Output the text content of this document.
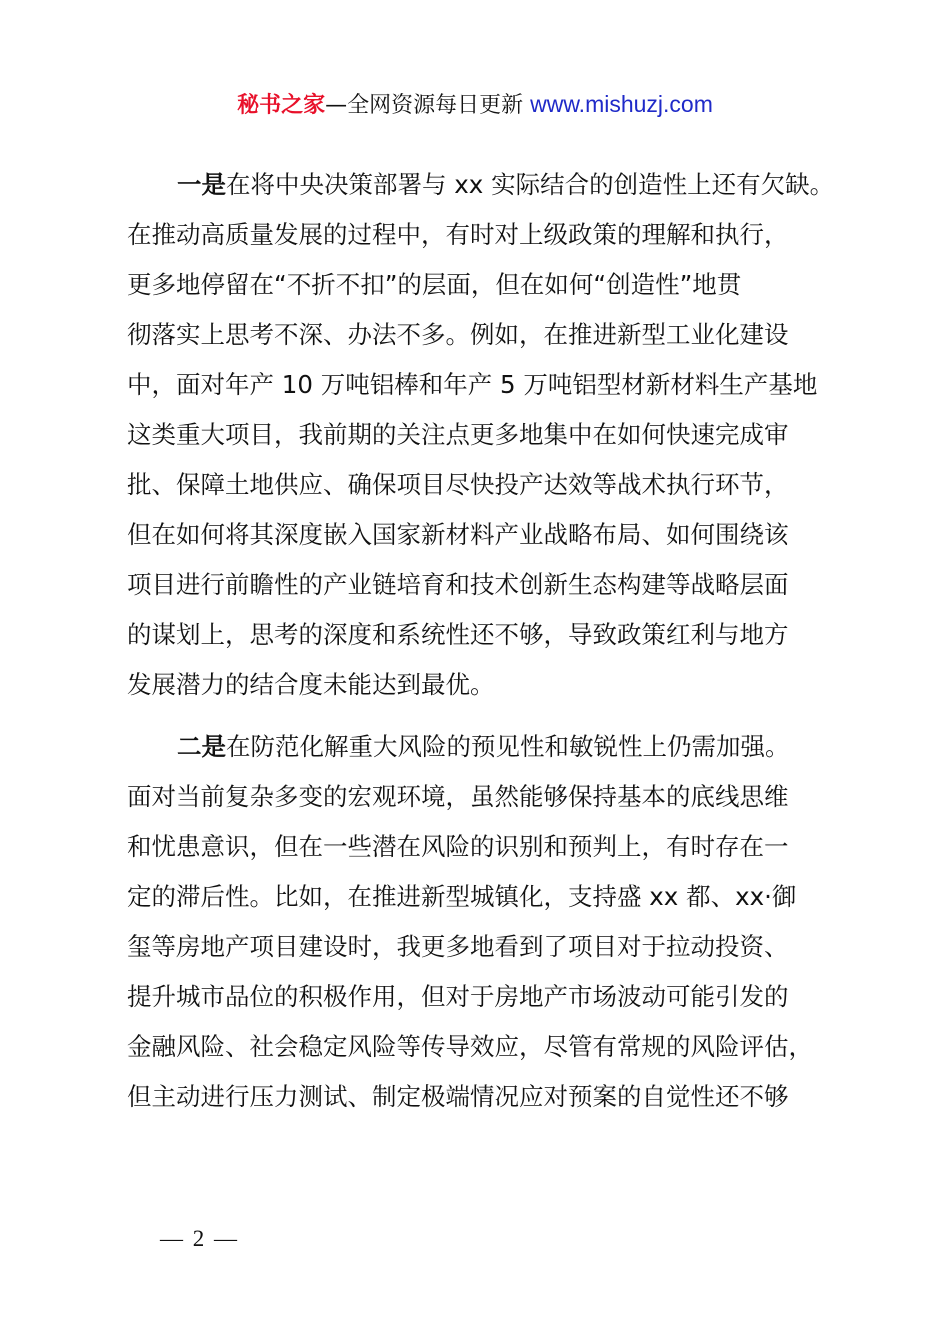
秘书之家—全网资源每日更新 www.mishuzj.com
一是在将中央决策部署与 xx 实际结合的创造性上还有欠缺。
在推动高质量发展的过程中，有时对上级政策的理解和执行，
更多地停留在“不折不扣”的层面，但在如何“创造性”地贯
彻落实上思考不深、办法不多。例如，在推进新型工业化建设
中，面对年产 10 万吨铝棒和年产 5 万吨铝型材新材料生产基地
这类重大项目，我前期的关注点更多地集中在如何快速完成审
批、保障土地供应、确保项目尽快投产达效等战术执行环节，
但在如何将其深度嵌入国家新材料产业战略布局、如何围绕该
项目进行前瞻性的产业链培育和技术创新生态构建等战略层面
的谋划上，思考的深度和系统性还不够，导致政策红利与地方
发展潜力的结合度未能达到最优。
二是在防范化解重大风险的预见性和敏锐性上仍需加强。
面对当前复杂多变的宏观环境，虽然能够保持基本的底线思维
和忧患意识，但在一些潜在风险的识别和预判上，有时存在一
定的滞后性。比如，在推进新型城镇化，支持盛 xx 都、xx·御
玺等房地产项目建设时，我更多地看到了项目对于拉动投资、
提升城市品位的积极作用，但对于房地产市场波动可能引发的
金融风险、社会稳定风险等传导效应，尽管有常规的风险评估，
但主动进行压力测试、制定极端情况应对预案的自觉性还不够
— 2 —
